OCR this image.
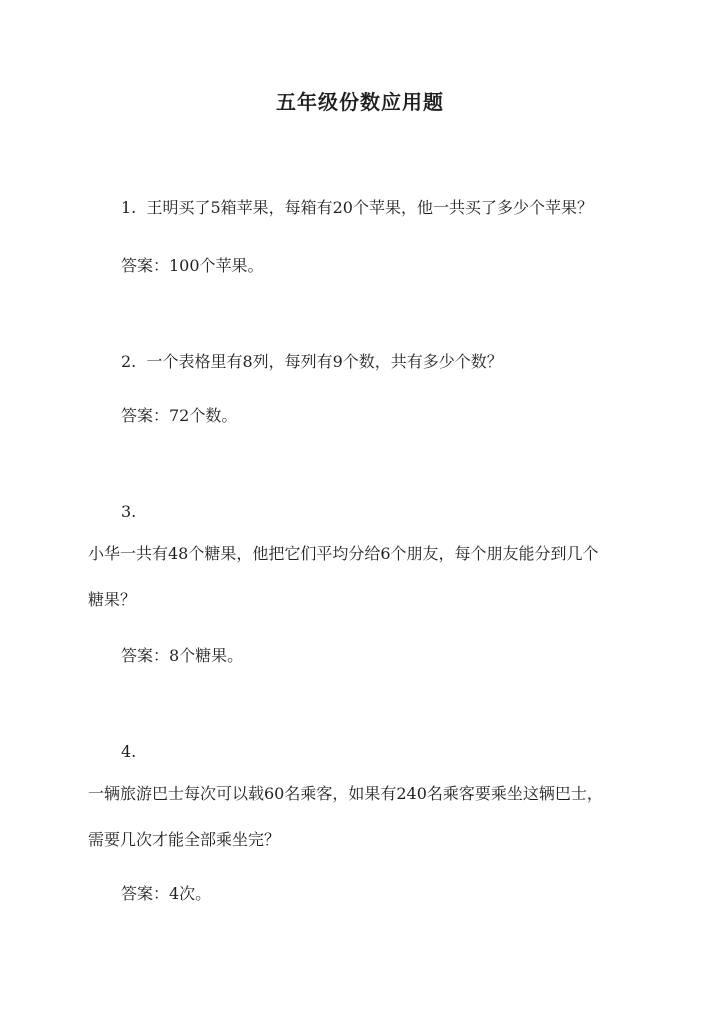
五年级份数应用题
1. 王明买了5箱苹果，每箱有20个苹果，他一共买了多少个苹果？
答案：100个苹果。
2. 一个表格里有8列，每列有9个数，共有多少个数？
答案：72个数。
3.
小华一共有48个糖果，他把它们平均分给6个朋友，每个朋友能分到几个
糖果？
答案：8个糖果。
4.
一辆旅游巴士每次可以载60名乘客，如果有240名乘客要乘坐这辆巴士，
需要几次才能全部乘坐完？
答案：4次。
